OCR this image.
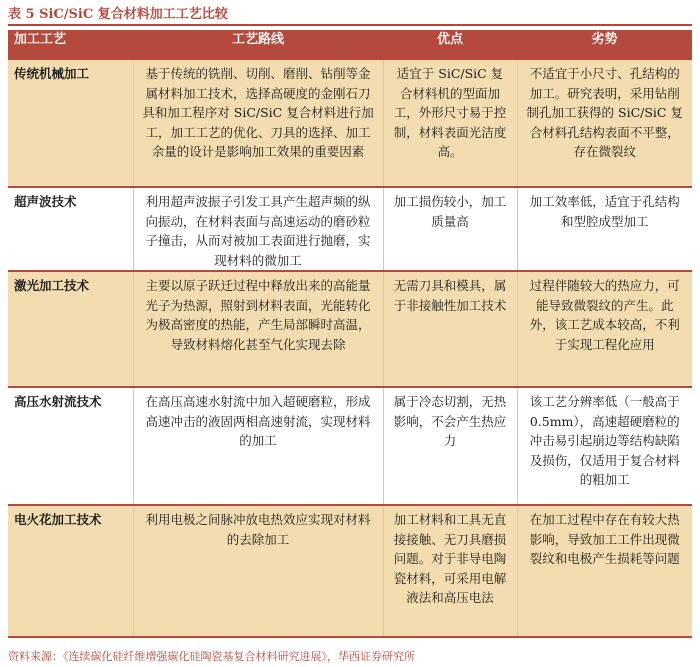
表 5 SiC/SiC 复合材料加工工艺比较
加工工艺	工艺路线	优点	劣势
传统机械加工	基于传统的铣削、切削、磨削、钻削等金属材料加工技术，选择高硬度的金刚石刀具和加工程序对 SiC/SiC 复合材料进行加工，加工工艺的优化、刀具的选择、加工余量的设计是影响加工效果的重要因素	适宜于 SiC/SiC 复合材料机的型面加工，外形尺寸易于控制，材料表面光洁度高。	不适宜于小尺寸、孔结构的加工。研究表明，采用钻削制孔加工获得的 SiC/SiC 复合材料孔结构表面不平整，存在微裂纹
超声波技术	利用超声波振子引发工具产生超声频的纵向振动，在材料表面与高速运动的磨砂粒子撞击，从而对被加工表面进行抛磨，实现材料的微加工	加工损伤较小，加工质量高	加工效率低，适宜于孔结构和型腔成型加工
激光加工技术	主要以原子跃迁过程中释放出来的高能量光子为热源，照射到材料表面，光能转化为极高密度的热能，产生局部瞬时高温，导致材料熔化甚至气化实现去除	无需刀具和模具，属于非接触性加工技术	过程伴随较大的热应力，可能导致微裂纹的产生。此外，该工艺成本较高，不利于实现工程化应用
高压水射流技术	在高压高速水射流中加入超硬磨粒，形成高速冲击的液固两相高速射流，实现材料的加工	属于冷态切割，无热影响，不会产生热应力	该工艺分辨率低（一般高于 0.5mm），高速超硬磨粒的冲击易引起崩边等结构缺陷及损伤，仅适用于复合材料的粗加工
电火花加工技术	利用电极之间脉冲放电热效应实现对材料的去除加工	加工材料和工具无直接接触、无刀具磨损问题。对于非导电陶瓷材料，可采用电解液法和高压电法	在加工过程中存在有较大热影响，导致加工工件出现微裂纹和电极产生损耗等问题
资料来源：《连续碳化硅纤维增强碳化硅陶瓷基复合材料研究进展》，华西证券研究所
